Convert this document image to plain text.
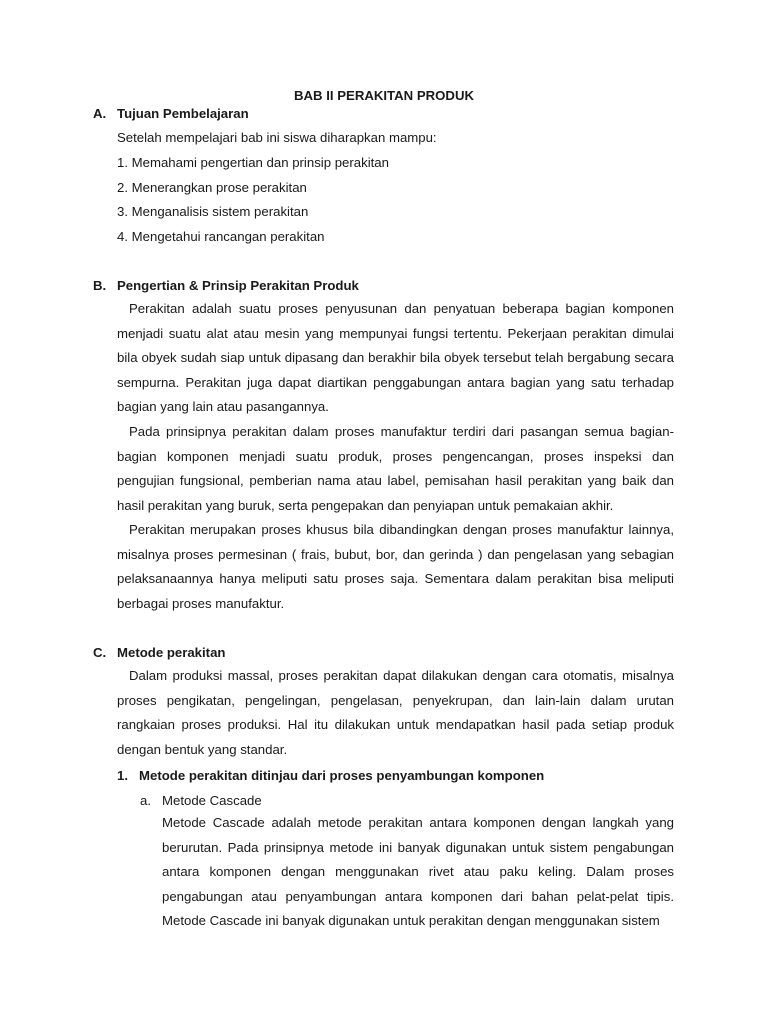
BAB II PERAKITAN PRODUK
A. Tujuan Pembelajaran
Setelah mempelajari bab ini siswa diharapkan mampu:
1. Memahami pengertian dan prinsip perakitan
2. Menerangkan prose perakitan
3. Menganalisis sistem perakitan
4. Mengetahui rancangan perakitan
B. Pengertian & Prinsip Perakitan Produk
Perakitan adalah suatu proses penyusunan dan penyatuan beberapa bagian komponen menjadi suatu alat atau mesin yang mempunyai fungsi tertentu. Pekerjaan perakitan dimulai bila obyek sudah siap untuk dipasang dan berakhir bila obyek tersebut telah bergabung secara sempurna. Perakitan juga dapat diartikan penggabungan antara bagian yang satu terhadap bagian yang lain atau pasangannya.
Pada prinsipnya perakitan dalam proses manufaktur terdiri dari pasangan semua bagian-bagian komponen menjadi suatu produk, proses pengencangan, proses inspeksi dan pengujian fungsional, pemberian nama atau label, pemisahan hasil perakitan yang baik dan hasil perakitan yang buruk, serta pengepakan dan penyiapan untuk pemakaian akhir.
Perakitan merupakan proses khusus bila dibandingkan dengan proses manufaktur lainnya, misalnya proses permesinan ( frais, bubut, bor, dan gerinda ) dan pengelasan yang sebagian pelaksanaannya hanya meliputi satu proses saja. Sementara dalam perakitan bisa meliputi berbagai proses manufaktur.
C. Metode perakitan
Dalam produksi massal, proses perakitan dapat dilakukan dengan cara otomatis, misalnya proses pengikatan, pengelingan, pengelasan, penyekrupan, dan lain-lain dalam urutan rangkaian proses produksi. Hal itu dilakukan untuk mendapatkan hasil pada setiap produk dengan bentuk yang standar.
1. Metode perakitan ditinjau dari proses penyambungan komponen
a. Metode Cascade
Metode Cascade adalah metode perakitan antara komponen dengan langkah yang berurutan. Pada prinsipnya metode ini banyak digunakan untuk sistem pengabungan antara komponen dengan menggunakan rivet atau paku keling. Dalam proses pengabungan atau penyambungan antara komponen dari bahan pelat-pelat tipis. Metode Cascade ini banyak digunakan untuk perakitan dengan menggunakan sistem
